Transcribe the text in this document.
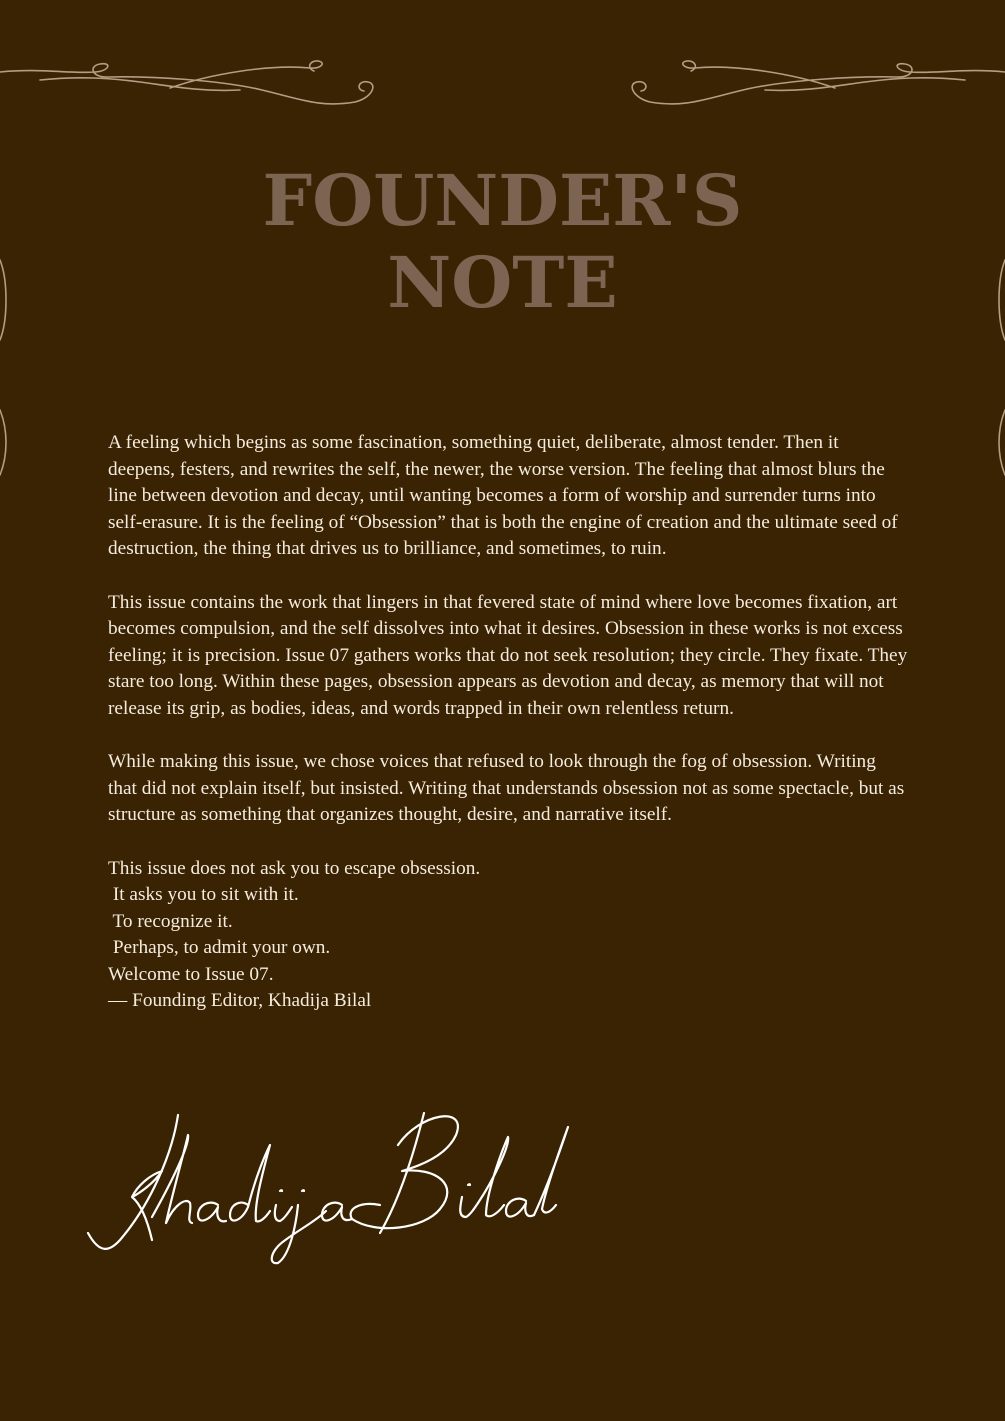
FOUNDER'S
NOTE

A feeling which begins as some fascination, something quiet, deliberate, almost tender. Then it deepens, festers, and rewrites the self, the newer, the worse version. The feeling that almost blurs the line between devotion and decay, until wanting becomes a form of worship and surrender turns into self-erasure. It is the feeling of “Obsession” that is both the engine of creation and the ultimate seed of destruction, the thing that drives us to brilliance, and sometimes, to ruin.

This issue contains the work that lingers in that fevered state of mind where love becomes fixation, art becomes compulsion, and the self dissolves into what it desires. Obsession in these works is not excess feeling; it is precision. Issue 07 gathers works that do not seek resolution; they circle. They fixate. They stare too long. Within these pages, obsession appears as devotion and decay, as memory that will not release its grip, as bodies, ideas, and words trapped in their own relentless return.

While making this issue, we chose voices that refused to look through the fog of obsession. Writing that did not explain itself, but insisted. Writing that understands obsession not as some spectacle, but as structure as something that organizes thought, desire, and narrative itself.

This issue does not ask you to escape obsession.
It asks you to sit with it.
To recognize it.
Perhaps, to admit your own.
Welcome to Issue 07.
— Founding Editor, Khadija Bilal
